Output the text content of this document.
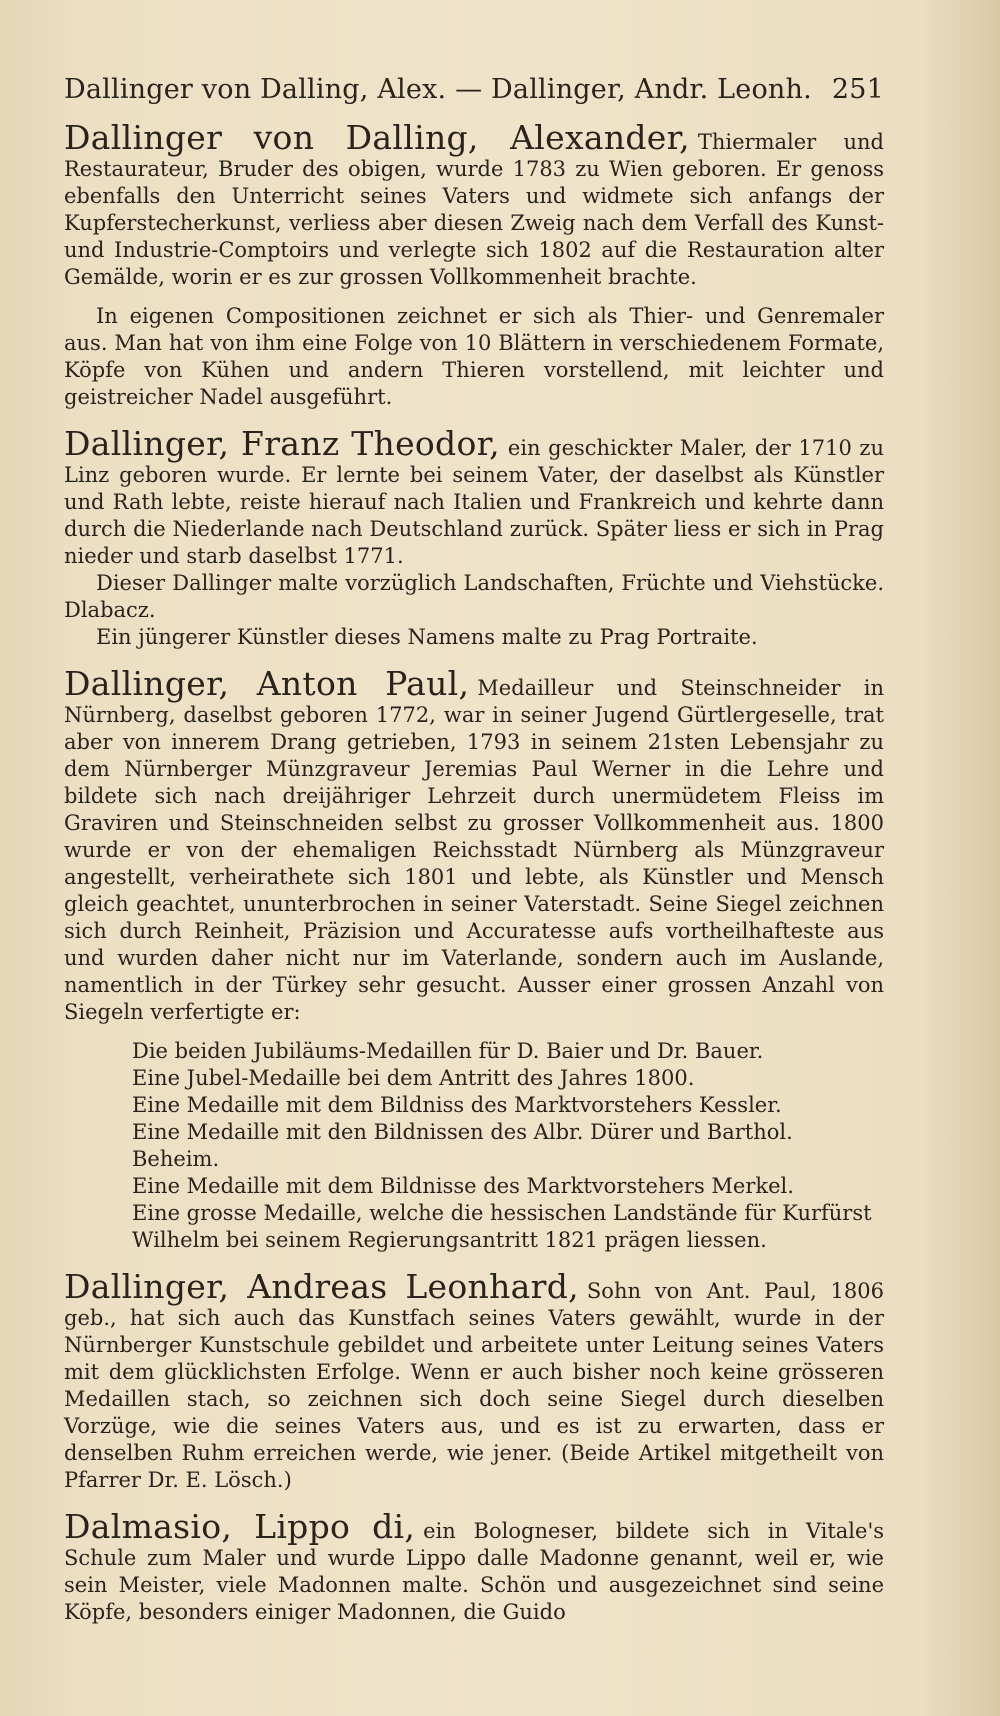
Dallinger von Dalling, Alex. — Dallinger, Andr. Leonh. 251
Dallinger von Dalling, Alexander, Thiermaler und Restaurateur, Bruder des obigen, wurde 1783 zu Wien geboren. Er genoss ebenfalls den Unterricht seines Vaters und widmete sich anfangs der Kupferstecherkunst, verliess aber diesen Zweig nach dem Verfall des Kunst- und Industrie-Comptoirs und verlegte sich 1802 auf die Restauration alter Gemälde, worin er es zur grossen Vollkommenheit brachte.
In eigenen Compositionen zeichnet er sich als Thier- und Genremaler aus. Man hat von ihm eine Folge von 10 Blättern in verschiedenem Formate, Köpfe von Kühen und andern Thieren vorstellend, mit leichter und geistreicher Nadel ausgeführt.
Dallinger, Franz Theodor, ein geschickter Maler, der 1710 zu Linz geboren wurde. Er lernte bei seinem Vater, der daselbst als Künstler und Rath lebte, reiste hierauf nach Italien und Frankreich und kehrte dann durch die Niederlande nach Deutschland zurück. Später liess er sich in Prag nieder und starb daselbst 1771.
Dieser Dallinger malte vorzüglich Landschaften, Früchte und Viehstücke. Dlabacz.
Ein jüngerer Künstler dieses Namens malte zu Prag Portraite.
Dallinger, Anton Paul, Medailleur und Steinschneider in Nürnberg, daselbst geboren 1772, war in seiner Jugend Gürtlergeselle, trat aber von innerem Drang getrieben, 1793 in seinem 21sten Lebensjahr zu dem Nürnberger Münzgraveur Jeremias Paul Werner in die Lehre und bildete sich nach dreijähriger Lehrzeit durch unermüdetem Fleiss im Graviren und Steinschneiden selbst zu grosser Vollkommenheit aus. 1800 wurde er von der ehemaligen Reichsstadt Nürnberg als Münzgraveur angestellt, verheirathete sich 1801 und lebte, als Künstler und Mensch gleich geachtet, ununterbrochen in seiner Vaterstadt. Seine Siegel zeichnen sich durch Reinheit, Präzision und Accuratesse aufs vortheilhafteste aus und wurden daher nicht nur im Vaterlande, sondern auch im Auslande, namentlich in der Türkey sehr gesucht. Ausser einer grossen Anzahl von Siegeln verfertigte er:
Die beiden Jubiläums-Medaillen für D. Baier und Dr. Bauer.
Eine Jubel-Medaille bei dem Antritt des Jahres 1800.
Eine Medaille mit dem Bildniss des Marktvorstehers Kessler.
Eine Medaille mit den Bildnissen des Albr. Dürer und Barthol. Beheim.
Eine Medaille mit dem Bildnisse des Marktvorstehers Merkel.
Eine grosse Medaille, welche die hessischen Landstände für Kurfürst Wilhelm bei seinem Regierungsantritt 1821 prägen liessen.
Dallinger, Andreas Leonhard, Sohn von Ant. Paul, 1806 geb., hat sich auch das Kunstfach seines Vaters gewählt, wurde in der Nürnberger Kunstschule gebildet und arbeitete unter Leitung seines Vaters mit dem glücklichsten Erfolge. Wenn er auch bisher noch keine grösseren Medaillen stach, so zeichnen sich doch seine Siegel durch dieselben Vorzüge, wie die seines Vaters aus, und es ist zu erwarten, dass er denselben Ruhm erreichen werde, wie jener. (Beide Artikel mitgetheilt von Pfarrer Dr. E. Lösch.)
Dalmasio, Lippo di, ein Bologneser, bildete sich in Vitale's Schule zum Maler und wurde Lippo dalle Madonne genannt, weil er, wie sein Meister, viele Madonnen malte. Schön und ausgezeichnet sind seine Köpfe, besonders einiger Madonnen, die Guido
